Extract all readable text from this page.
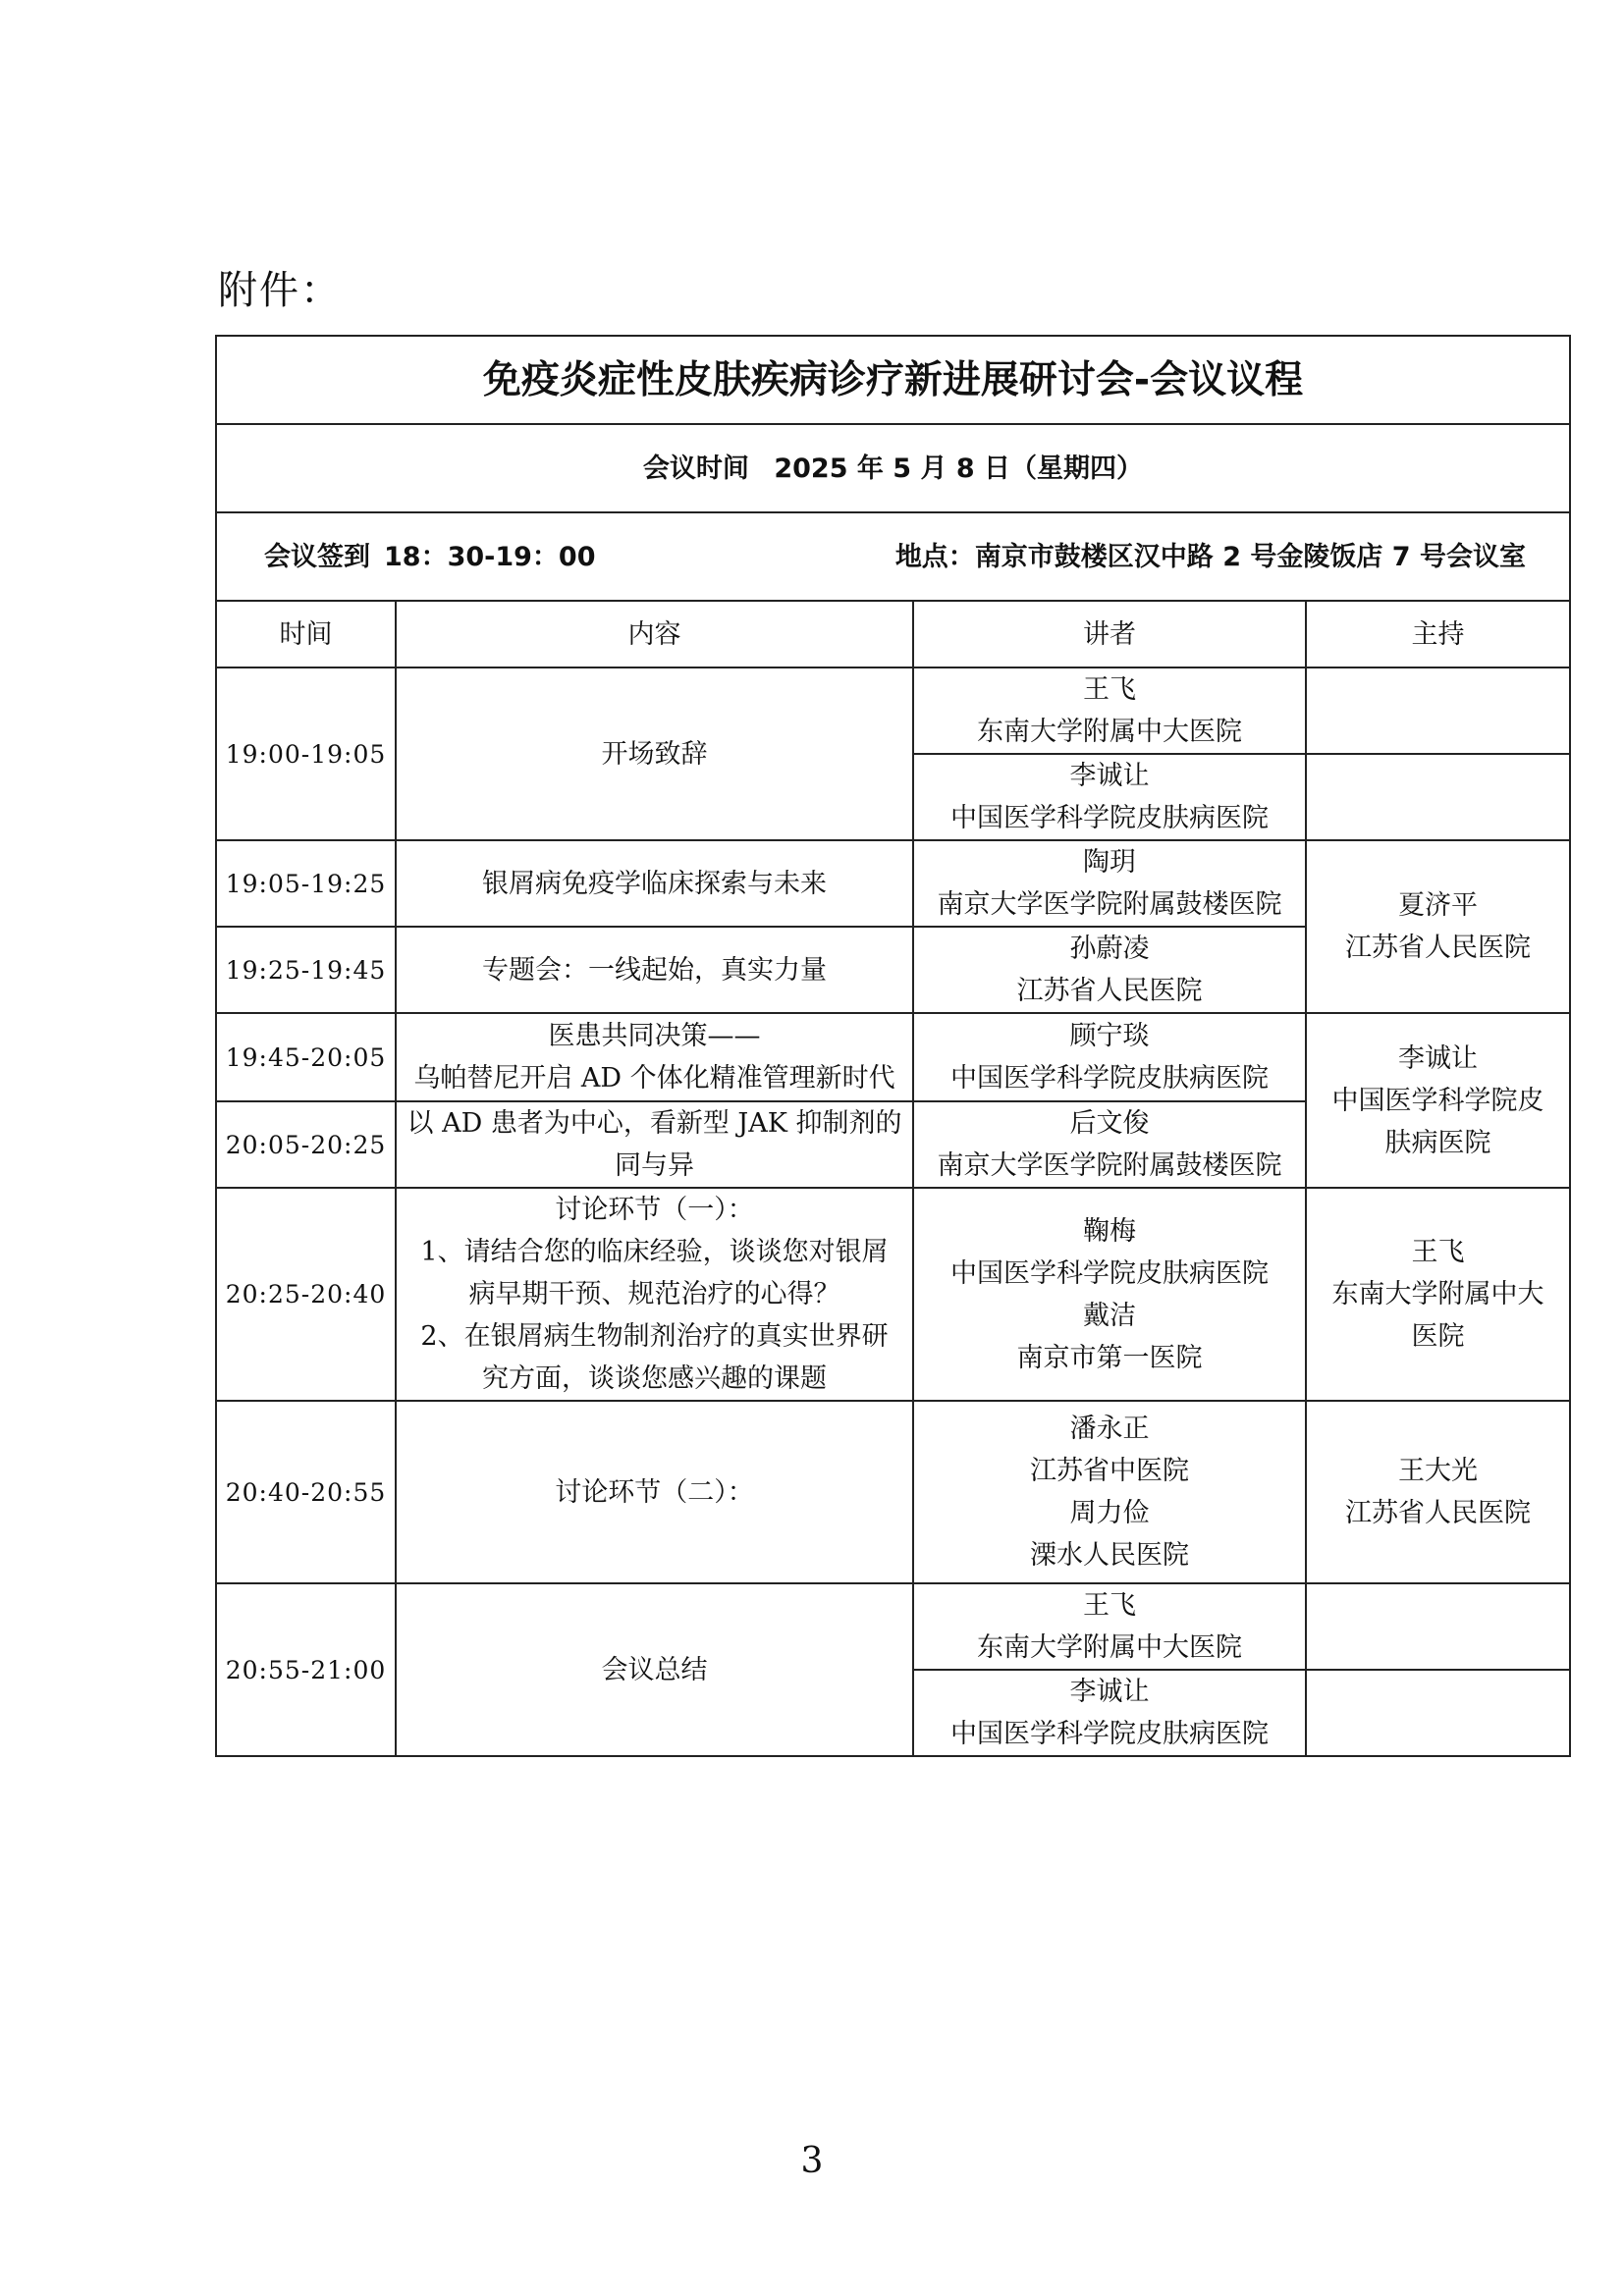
附件：
免疫炎症性皮肤疾病诊疗新进展研讨会-会议议程			
会议时间 2025 年 5 月 8 日（星期四）			

会议签到 18：30-19：00 地点：南京市鼓楼区汉中路 2 号金陵饭店 7 号会议室			

时间	内容	讲者	主持
19:00-19:05	开场致辞	王飞
东南大学附属中大医院	

		李诚让
中国医学科学院皮肤病医院	

19:05-19:25	银屑病免疫学临床探索与未来	陶玥
南京大学医学院附属鼓楼医院	夏济平
江苏省人民医院

19:25-19:45	专题会：一线起始，真实力量	孙蔚凌
江苏省人民医院	

19:45-20:05	医患共同决策——
乌帕替尼开启 AD 个体化精准管理新时代	顾宁琰
中国医学科学院皮肤病医院	李诚让
中国医学科学院皮
肤病医院

20:05-20:25	以 AD 患者为中心，看新型 JAK 抑制剂的
同与异	后文俊
南京大学医学院附属鼓楼医院	

20:25-20:40	讨论环节（一）：
1、请结合您的临床经验，谈谈您对银屑
病早期干预、规范治疗的心得？
2、在银屑病生物制剂治疗的真实世界研
究方面，谈谈您感兴趣的课题	鞠梅
中国医学科学院皮肤病医院
戴洁
南京市第一医院	王飞
东南大学附属中大
医院

20:40-20:55	讨论环节（二）：	潘永正
江苏省中医院
周力俭
溧水人民医院	王大光
江苏省人民医院

20:55-21:00	会议总结	王飞
东南大学附属中大医院	

		李诚让
中国医学科学院皮肤病医院	

3
